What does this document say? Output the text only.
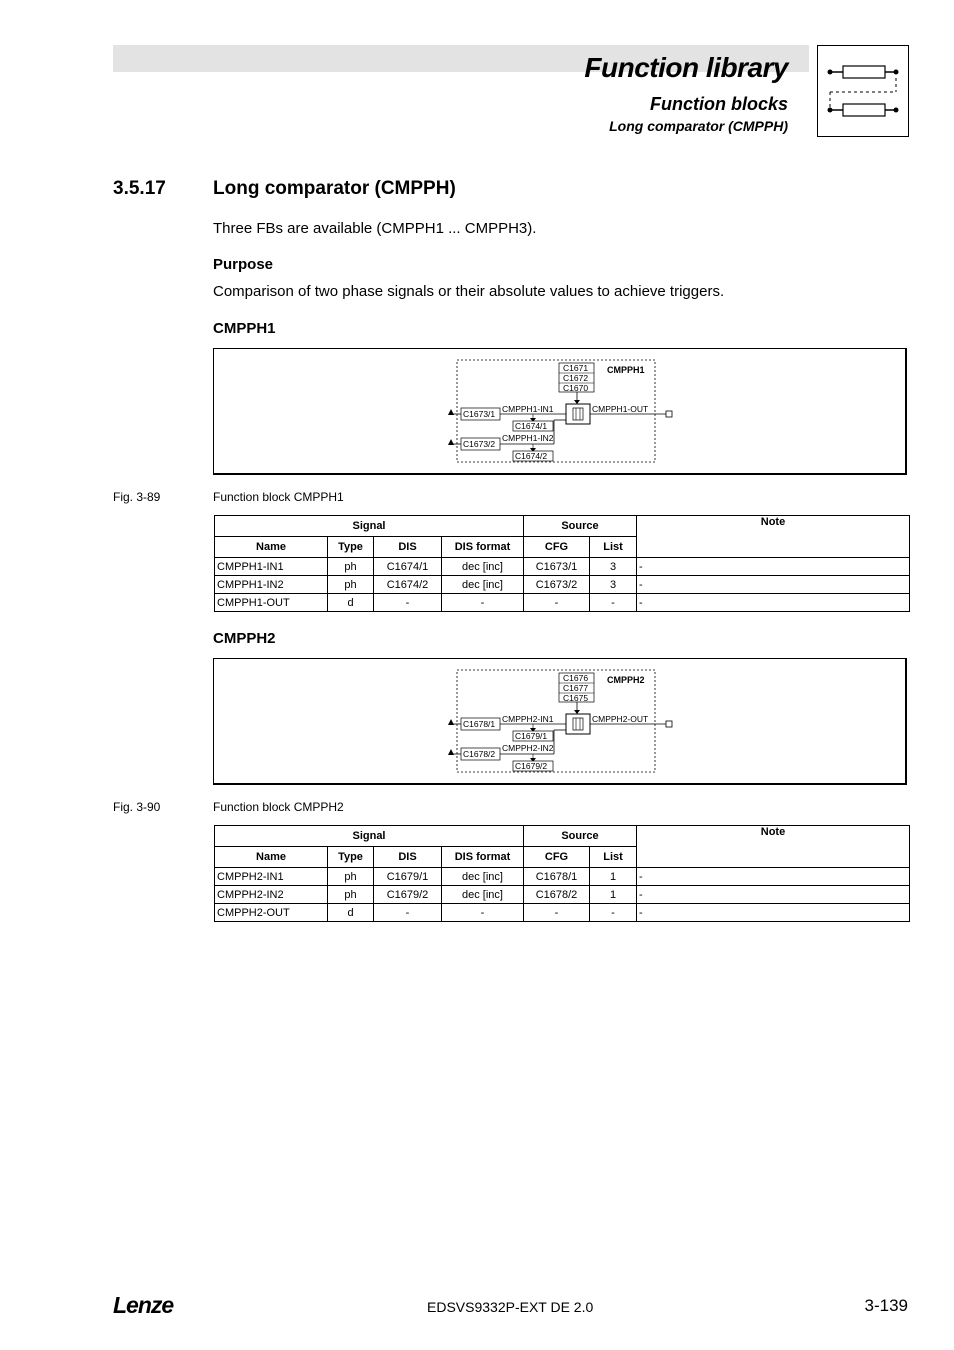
Function library
Function blocks
Long comparator (CMPPH)
3.5.17 Long comparator (CMPPH)
Three FBs are available (CMPPH1 ... CMPPH3).
Purpose
Comparison of two phase signals or their absolute values to achieve triggers.
CMPPH1
C1671
C1672
C1670
CMPPH1
C1673/1 CMPPH1-IN1
C1674/1
C1673/2
CMPPH1-IN2
C1674/2
CMPPH1-OUT
Fig. 3-89	Function block CMPPH1
Signal				Source		Note
Name	Type	DIS	DIS format	CFG	List	
CMPPH1-IN1	ph	C1674/1	dec [inc]	C1673/1	3	-
CMPPH1-IN2	ph	C1674/2	dec [inc]	C1673/2	3	-
CMPPH1-OUT	d	-	-	-	-	-
CMPPH2
C1676
C1677
C1675
CMPPH2
C1678/1 CMPPH2-IN1
C1679/1
C1678/2
CMPPH2-IN2
C1679/2
CMPPH2-OUT
Fig. 3-90	Function block CMPPH2
Signal				Source		Note
Name	Type	DIS	DIS format	CFG	List	
CMPPH2-IN1	ph	C1679/1	dec [inc]	C1678/1	1	-
CMPPH2-IN2	ph	C1679/2	dec [inc]	C1678/2	1	-
CMPPH2-OUT	d	-	-	-	-	-
Lenze	EDSVS9332P-EXT DE 2.0	3-139
